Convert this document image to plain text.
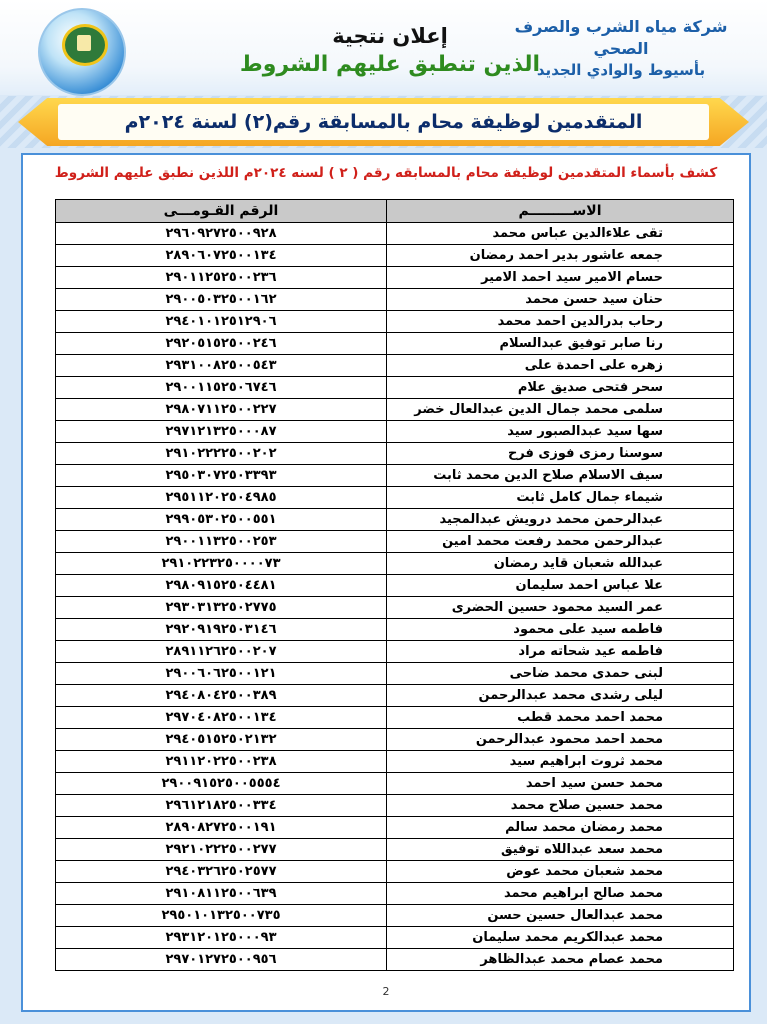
إعلان نتجية
الذين تنطبق عليهم الشروط
شركة مياه الشرب والصرف الصحي
بأسيوط والوادي الجديد
المتقدمين لوظيفة محام بالمسابقة رقم(٢) لسنة ٢٠٢٤م
كشف بأسماء المتقدمين لوظيفة محام بالمسابقه رقم ( ٢ ) لسنه ٢٠٢٤م اللذين نطبق عليهم الشروط
الاســـــــــم	الرقم القـومـــى
تقى علاءالدين عباس محمد	٢٩٦٠٩٢٧٢٥٠٠٩٢٨
جمعه عاشور بدير احمد رمضان	٢٨٩٠٦٠٧٢٥٠٠١٣٤
حسام الامير سيد احمد الامير	٢٩٠١١٢٥٢٥٠٠٢٣٦
حنان سيد حسن محمد	٢٩٠٠٥٠٣٢٥٠٠١٦٢
رحاب بدرالدين احمد محمد	٢٩٤٠١٠١٢٥١٢٩٠٦
رنا صابر توفيق عبدالسلام	٢٩٢٠٥١٥٢٥٠٠٢٤٦
زهره على احمدة على	٢٩٣١٠٠٨٢٥٠٠٥٤٣
سحر فتحى صديق علام	٢٩٠٠١١٥٢٥٠٦٧٤٦
سلمى محمد جمال الدين عبدالعال خضر	٢٩٨٠٧١١٢٥٠٠٢٢٧
سها سيد عبدالصبور سيد	٢٩٧١٢١٣٢٥٠٠٠٨٧
سوسنا رمزى فوزى فرح	٢٩١٠٢٢٢٢٥٠٠٢٠٢
سيف الاسلام صلاح الدين محمد ثابت	٢٩٥٠٣٠٧٢٥٠٣٣٩٣
شيماء جمال كامل ثابت	٢٩٥١١٢٠٢٥٠٤٩٨٥
عبدالرحمن محمد درويش عبدالمجيد	٢٩٩٠٥٣٠٢٥٠٠٥٥١
عبدالرحمن محمد رفعت محمد امين	٢٩٠٠١١٣٢٥٠٠٢٥٣
عبدالله شعبان قايد رمضان	٢٩١٠٢٢٣٢٥٠٠٠٠٧٣
علا عباس احمد سليمان	٢٩٨٠٩١٥٢٥٠٤٤٨١
عمر السيد محمود حسين الحضرى	٢٩٣٠٣١٣٢٥٠٢٧٧٥
فاطمه سيد على محمود	٢٩٢٠٩١٩٢٥٠٣١٤٦
فاطمه عيد شحاته مراد	٢٨٩١١٢٦٢٥٠٠٢٠٧
لبنى حمدى محمد ضاحى	٢٩٠٠٦٠٦٢٥٠٠١٢١
ليلى رشدى محمد عبدالرحمن	٢٩٤٠٨٠٤٢٥٠٠٣٨٩
محمد احمد محمد قطب	٢٩٧٠٤٠٨٢٥٠٠١٣٤
محمد احمد محمود عبدالرحمن	٢٩٤٠٥١٥٢٥٠٢١٣٢
محمد ثروت ابراهيم سيد	٢٩١١٢٠٢٢٥٠٠٢٣٨
محمد حسن سيد احمد	٢٩٠٠٩١٥٢٥٠٠٥٥٥٤
محمد حسين صلاح محمد	٢٩٦١٢١٨٢٥٠٠٣٣٤
محمد رمضان محمد سالم	٢٨٩٠٨٢٧٢٥٠٠١٩١
محمد سعد عبداللاه توفيق	٢٩٢١٠٢٢٢٥٠٠٢٧٧
محمد شعبان محمد عوض	٢٩٤٠٣٢٦٢٥٠٢٥٧٧
محمد صالح ابراهيم محمد	٢٩١٠٨١١٢٥٠٠٦٣٩
محمد عبدالعال حسين حسن	٢٩٥٠١٠١٣٢٥٠٠٧٣٥
محمد عبدالكريم محمد سليمان	٢٩٣١٢٠١٢٥٠٠٠٩٣
محمد عصام محمد عبدالظاهر	٢٩٧٠١٢٧٢٥٠٠٩٥٦
2
